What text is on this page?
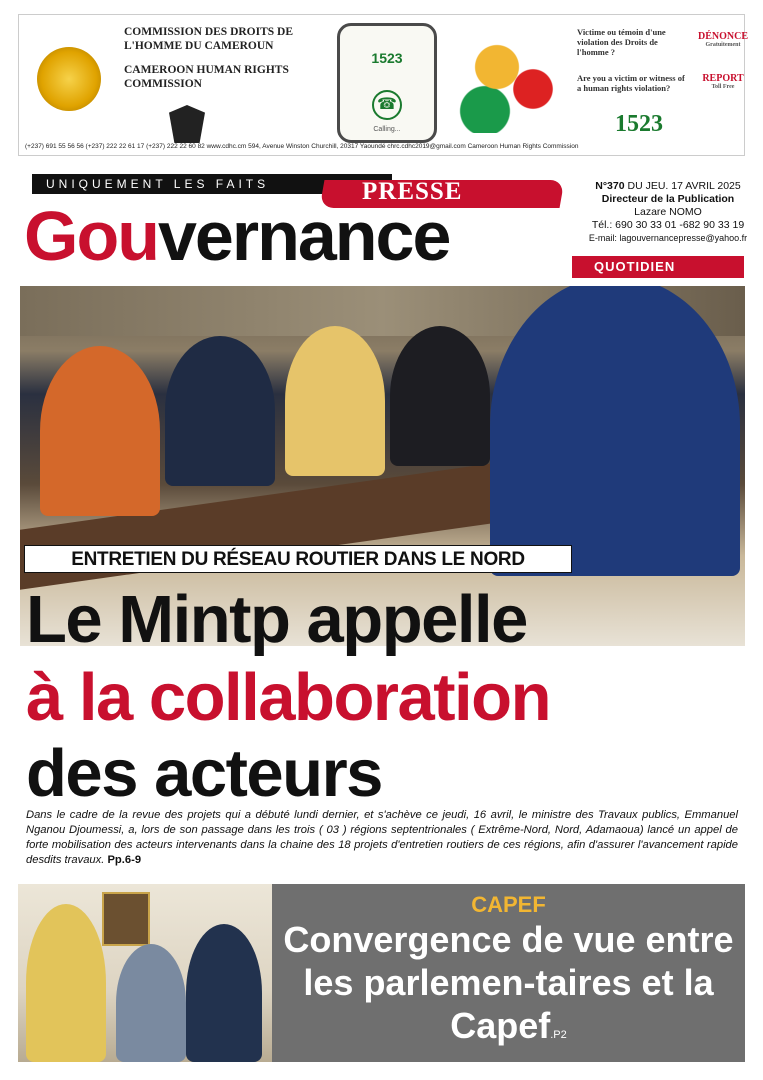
COMMISSION DES DROITS DE L'HOMME DU CAMEROUN
CAMEROON HUMAN RIGHTS COMMISSION
1523
☎
Calling...
Victime ou témoin d'une violation des Droits de l'homme ?
Are you a victim or witness of a human rights violation?
DÉNONCE
Gratuitement
REPORT
Toll Free
1523
(+237) 691 55 56 56 (+237) 222 22 61 17 (+237) 222 22 60 82 www.cdhc.cm 594, Avenue Winston Churchill, 20317 Yaoundé chrc.cdhc2019@gmail.com Cameroon Human Rights Commission
UNIQUEMENT LES FAITS	PRESSE
Gouvernance
N°370 DU JEU. 17 AVRIL 2025
Directeur de la Publication
Lazare NOMO
Tél.: 690 30 33 01 -682 90 33 19
E-mail: lagouvernancepresse@yahoo.fr
QUOTIDIEN
ENTRETIEN DU RÉSEAU ROUTIER DANS LE NORD
Le Mintp appelle
à la collaboration
des acteurs
Dans le cadre de la revue des projets qui a débuté lundi dernier, et s'achève ce jeudi, 16 avril, le ministre des Travaux publics, Emmanuel Nganou Djoumessi, a, lors de son passage dans les trois ( 03 ) régions septentrionales ( Extrême-Nord, Nord, Adamaoua) lancé un appel de forte mobilisation des acteurs intervenants dans la chaine des 18 projets d'entretien routiers de ces régions, afin d'assurer l'avancement rapide desdits travaux. Pp.6-9
CAPEF
Convergence de vue entre les parlemen-taires et la Capef.P2
